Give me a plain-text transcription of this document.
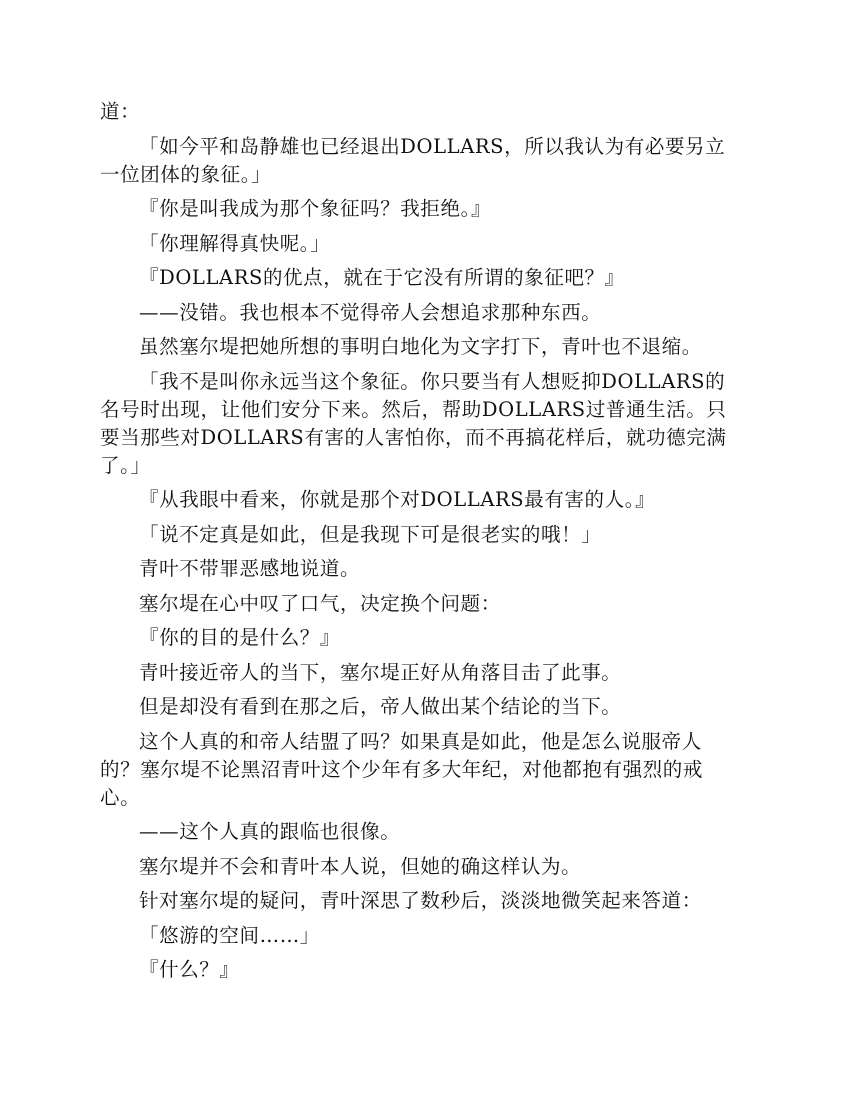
道：

「如今平和岛静雄也已经退出DOLLARS，所以我认为有必要另立一位团体的象征。」

『你是叫我成为那个象征吗？我拒绝。』

「你理解得真快呢。」

『DOLLARS的优点，就在于它没有所谓的象征吧？』

——没错。我也根本不觉得帝人会想追求那种东西。

虽然塞尔堤把她所想的事明白地化为文字打下，青叶也不退缩。

「我不是叫你永远当这个象征。你只要当有人想贬抑DOLLARS的名号时出现，让他们安分下来。然后，帮助DOLLARS过普通生活。只要当那些对DOLLARS有害的人害怕你，而不再搞花样后，就功德完满了。」

『从我眼中看来，你就是那个对DOLLARS最有害的人。』

「说不定真是如此，但是我现下可是很老实的哦！」

青叶不带罪恶感地说道。

塞尔堤在心中叹了口气，决定换个问题：

『你的目的是什么？』

青叶接近帝人的当下，塞尔堤正好从角落目击了此事。

但是却没有看到在那之后，帝人做出某个结论的当下。

这个人真的和帝人结盟了吗？如果真是如此，他是怎么说服帝人的？塞尔堤不论黑沼青叶这个少年有多大年纪，对他都抱有强烈的戒心。

——这个人真的跟临也很像。

塞尔堤并不会和青叶本人说，但她的确这样认为。

针对塞尔堤的疑问，青叶深思了数秒后，淡淡地微笑起来答道：

「悠游的空间……」

『什么？』
